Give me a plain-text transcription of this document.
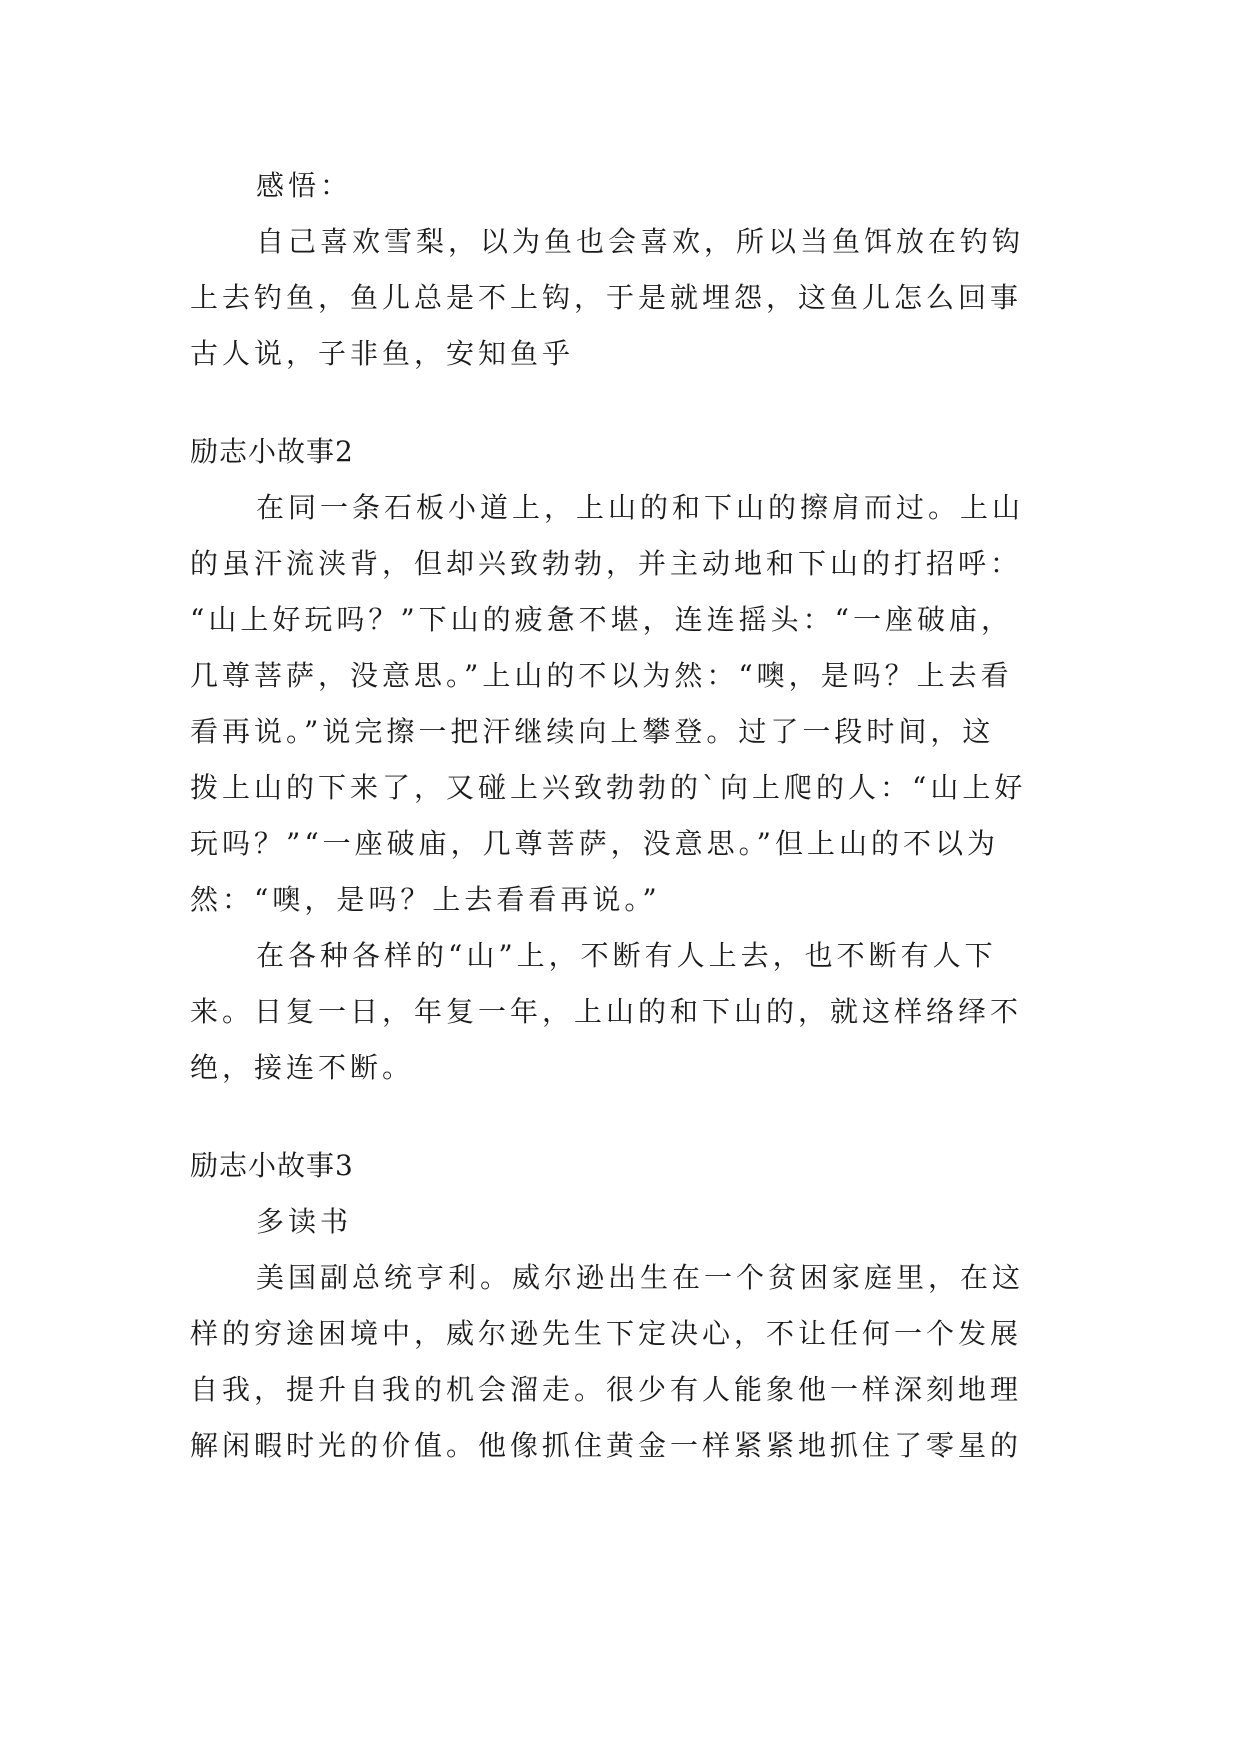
感悟：
自己喜欢雪梨，以为鱼也会喜欢，所以当鱼饵放在钓钩
上去钓鱼，鱼儿总是不上钩，于是就埋怨，这鱼儿怎么回事
古人说，子非鱼，安知鱼乎
励志小故事2
在同一条石板小道上，上山的和下山的擦肩而过。上山
的虽汗流浃背，但却兴致勃勃，并主动地和下山的打招呼：
“山上好玩吗？”下山的疲惫不堪，连连摇头：“一座破庙，
几尊菩萨，没意思。”上山的不以为然：“噢，是吗？上去看
看再说。”说完擦一把汗继续向上攀登。过了一段时间，这
拨上山的下来了，又碰上兴致勃勃的`向上爬的人：“山上好
玩吗？”“一座破庙，几尊菩萨，没意思。”但上山的不以为
然：“噢，是吗？上去看看再说。”
在各种各样的“山”上，不断有人上去，也不断有人下
来。日复一日，年复一年，上山的和下山的，就这样络绎不
绝，接连不断。
励志小故事3
多读书
美国副总统亨利。威尔逊出生在一个贫困家庭里，在这
样的穷途困境中，威尔逊先生下定决心，不让任何一个发展
自我，提升自我的机会溜走。很少有人能象他一样深刻地理
解闲暇时光的价值。他像抓住黄金一样紧紧地抓住了零星的
